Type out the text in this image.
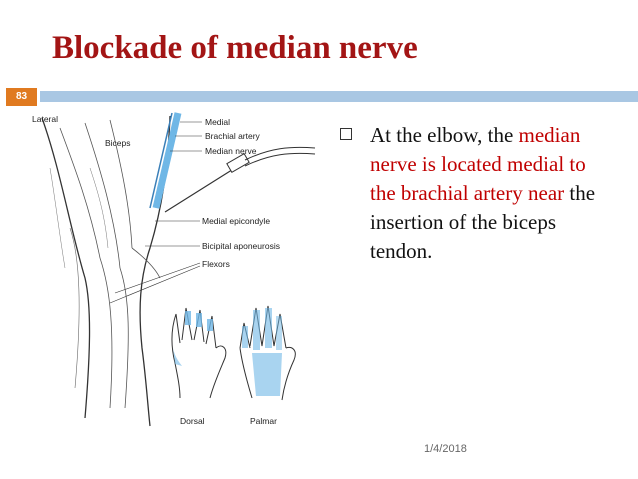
Blockade of median nerve
83
Lateral
Biceps
Medial
Brachial artery
Median nerve
Medial epicondyle
Bicipital aponeurosis
Flexors
Dorsal	Palmar
At the elbow, the median nerve is located medial to the brachial artery near the insertion of the biceps tendon.
1/4/2018
